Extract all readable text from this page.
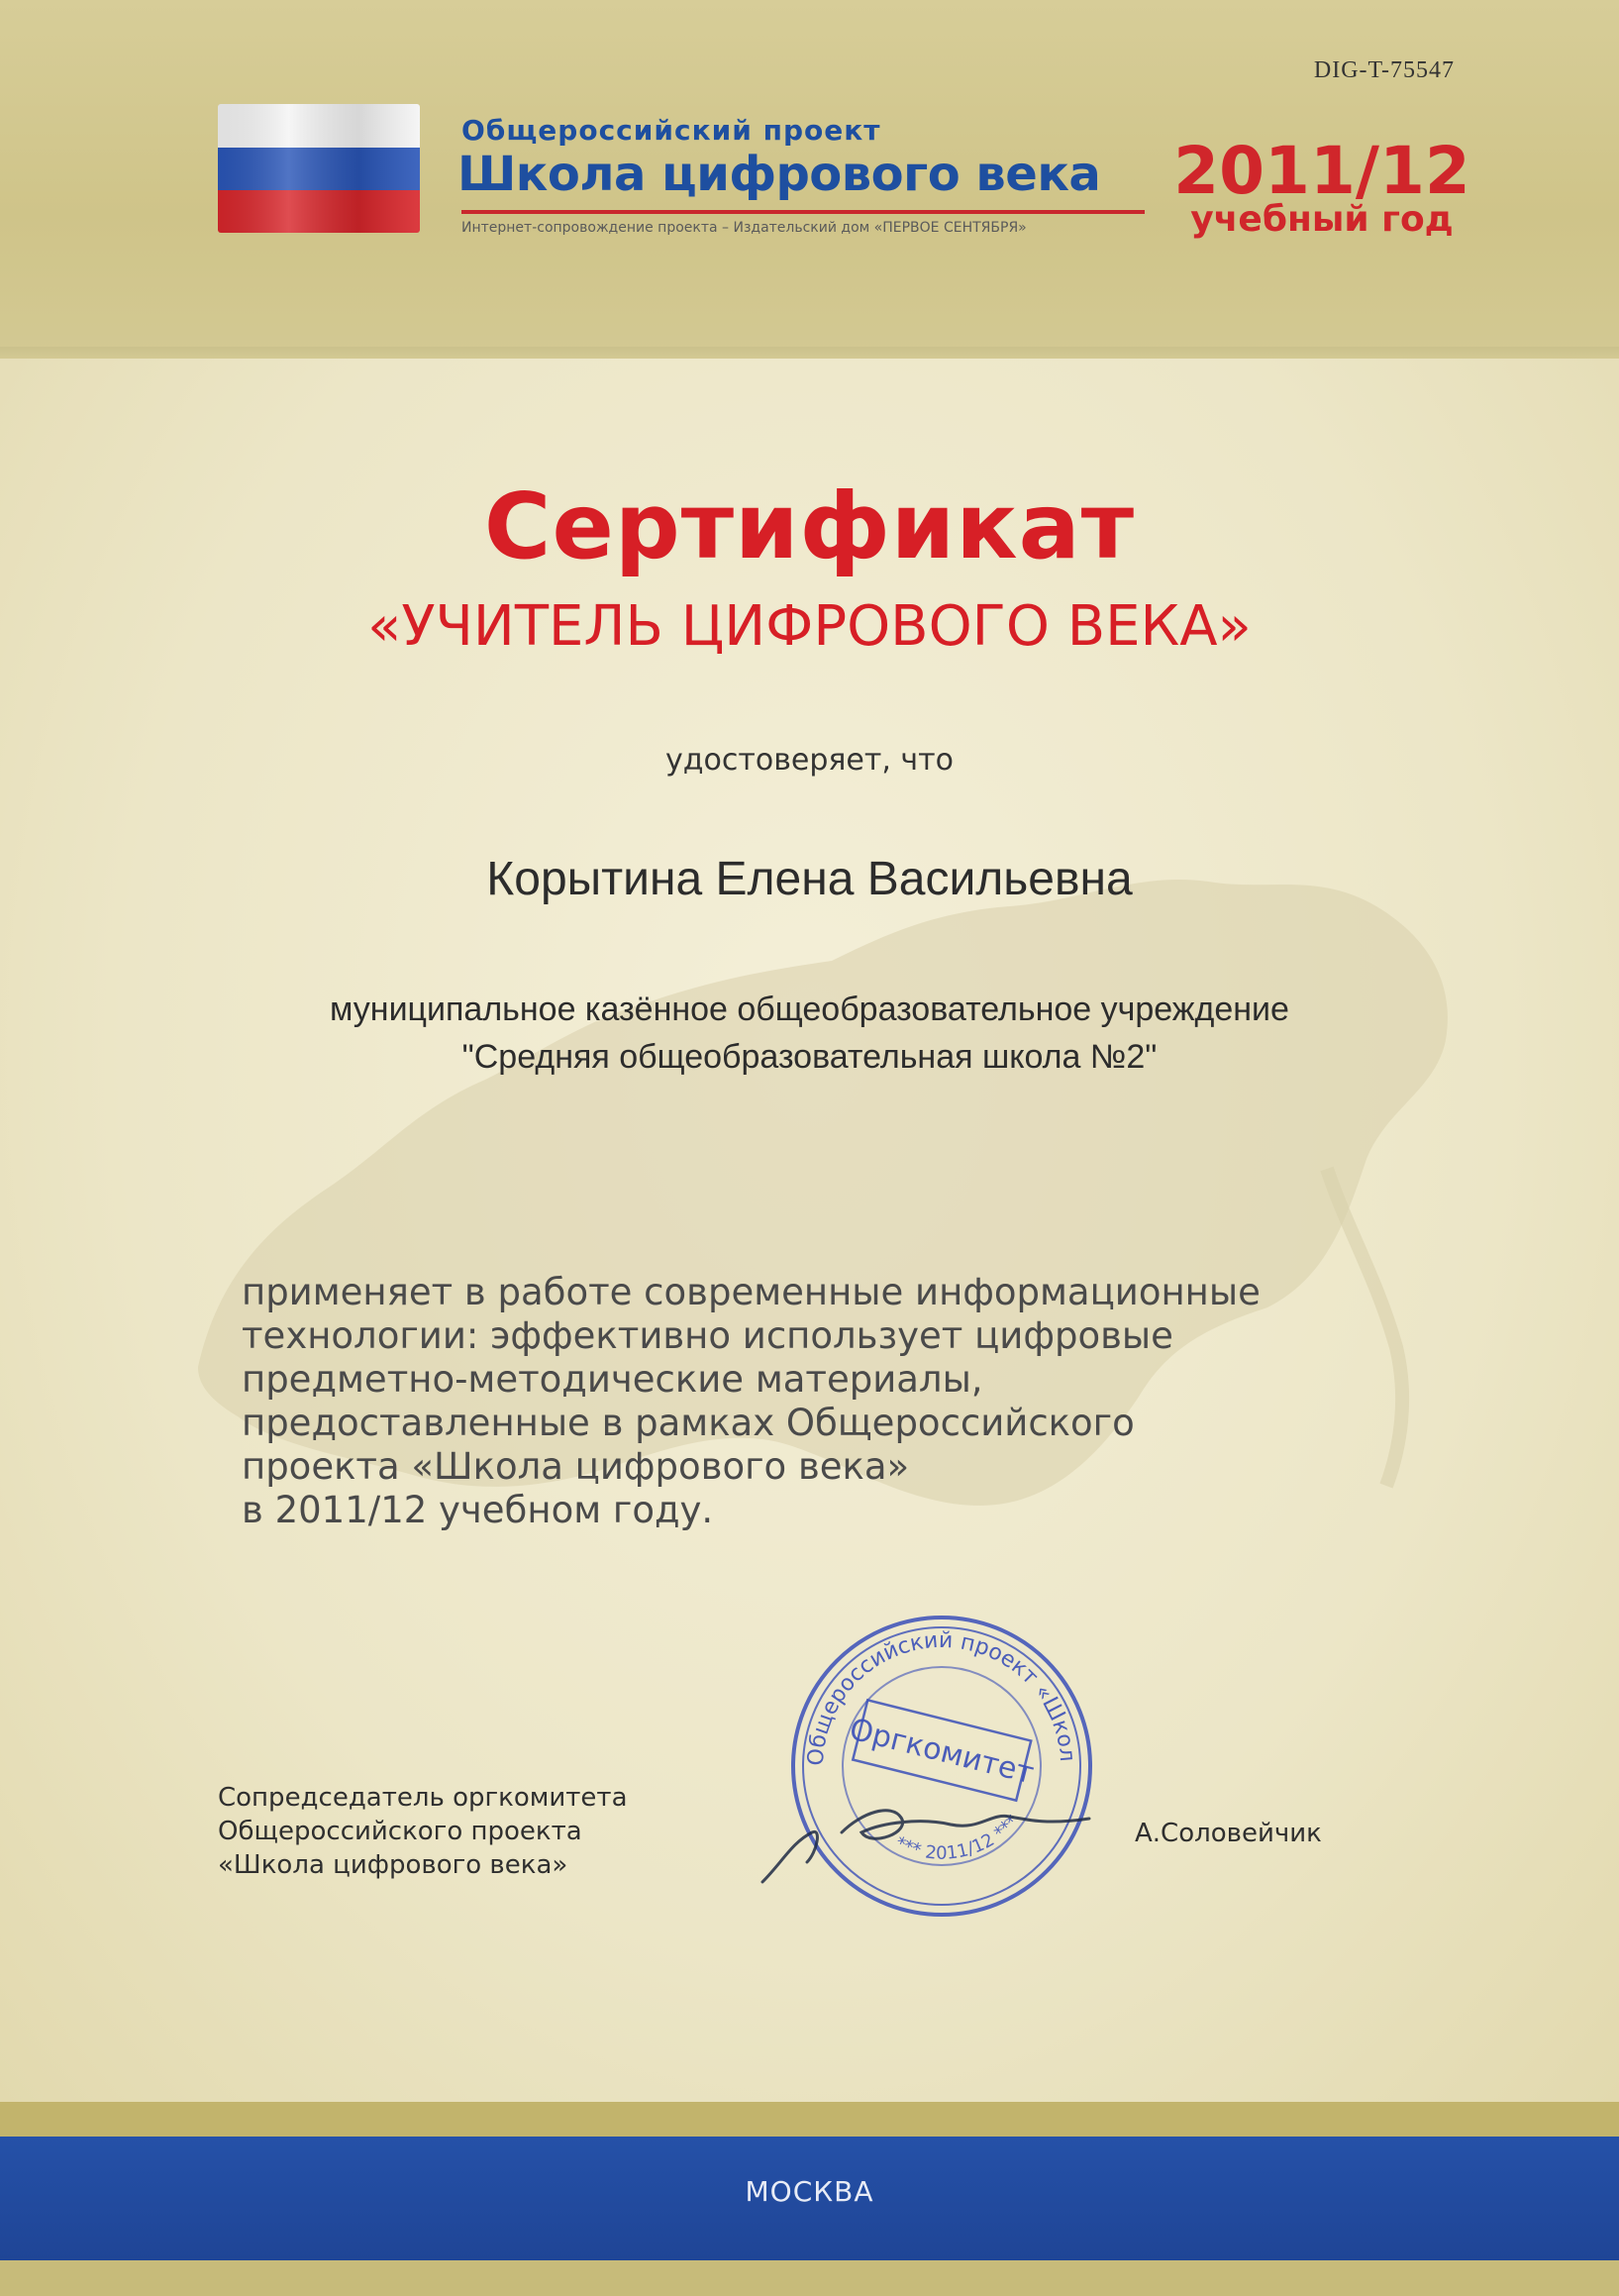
DIG-T-75547
Общероссийский проект
Школа цифрового века
Интернет-сопровождение проекта – Издательский дом «ПЕРВОЕ СЕНТЯБРЯ»
2011/12
учебный год
Сертификат
«УЧИТЕЛЬ ЦИФРОВОГО ВЕКА»
удостоверяет, что
Корытина Елена Васильевна
муниципальное казённое общеобразовательное учреждение
"Средняя общеобразовательная школа №2"
применяет в работе современные информационные
технологии: эффективно использует цифровые
предметно-методические материалы,
предоставленные в рамках Общероссийского
проекта «Школа цифрового века»
в 2011/12 учебном году.
Сопредседатель оргкомитета
Общероссийского проекта
«Школа цифрового века»
А.Соловейчик
Общероссийский проект «Школ
*** 2011/12 ***
Оргкомитет
МОСКВА
